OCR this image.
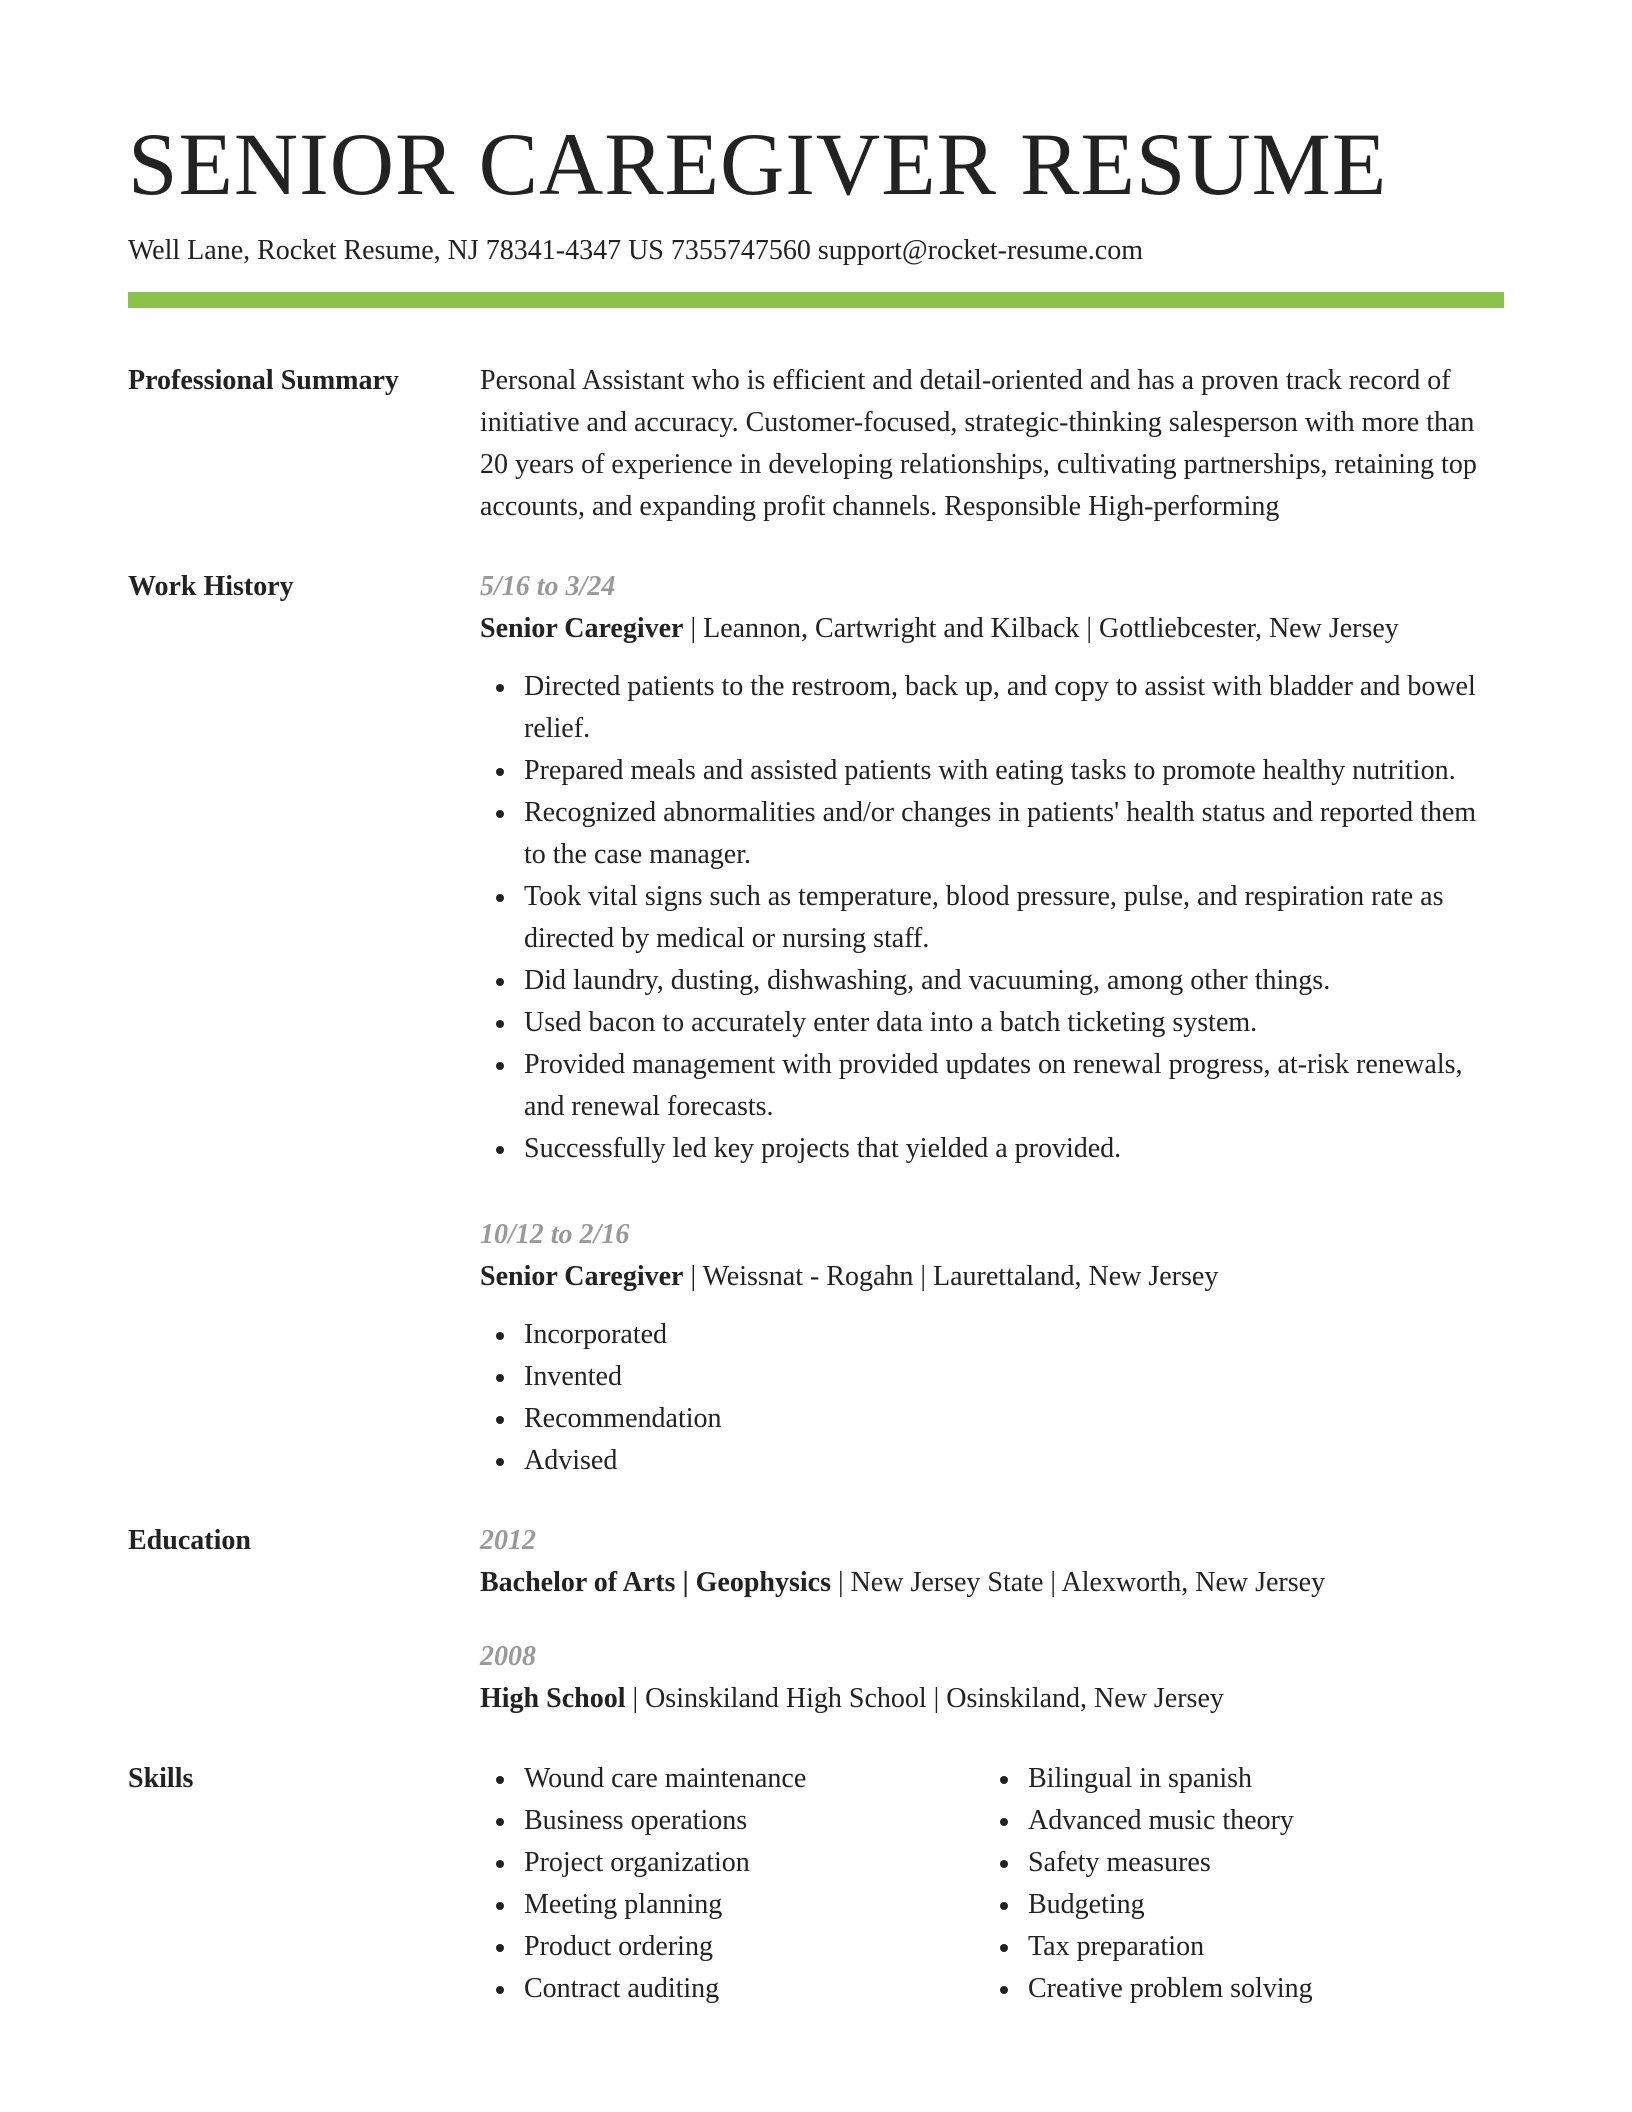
SENIOR CAREGIVER RESUME
Well Lane, Rocket Resume, NJ 78341-4347 US 7355747560 support@rocket-resume.com
Professional Summary	Personal Assistant who is efficient and detail-oriented and has a proven track record of initiative and accuracy. Customer-focused, strategic-thinking salesperson with more than 20 years of experience in developing relationships, cultivating partnerships, retaining top accounts, and expanding profit channels. Responsible High-performing

Work History	5/16 to 3/24
Senior Caregiver | Leannon, Cartwright and Kilback | Gottliebcester, New Jersey
Directed patients to the restroom, back up, and copy to assist with bladder and bowel relief.
Prepared meals and assisted patients with eating tasks to promote healthy nutrition.
Recognized abnormalities and/or changes in patients' health status and reported them to the case manager.
Took vital signs such as temperature, blood pressure, pulse, and respiration rate as directed by medical or nursing staff.
Did laundry, dusting, dishwashing, and vacuuming, among other things.
Used bacon to accurately enter data into a batch ticketing system.
Provided management with provided updates on renewal progress, at-risk renewals, and renewal forecasts.
Successfully led key projects that yielded a provided.
10/12 to 2/16
Senior Caregiver | Weissnat - Rogahn | Laurettaland, New Jersey
Incorporated
Invented
Recommendation
Advised
Education	2012
Bachelor of Arts | Geophysics | New Jersey State | Alexworth, New Jersey
2008
High School | Osinskiland High School | Osinskiland, New Jersey
Skills	Wound care maintenance
Business operations
Project organization
Meeting planning
Product ordering
Contract auditing
Bilingual in spanish
Advanced music theory
Safety measures
Budgeting
Tax preparation
Creative problem solving
